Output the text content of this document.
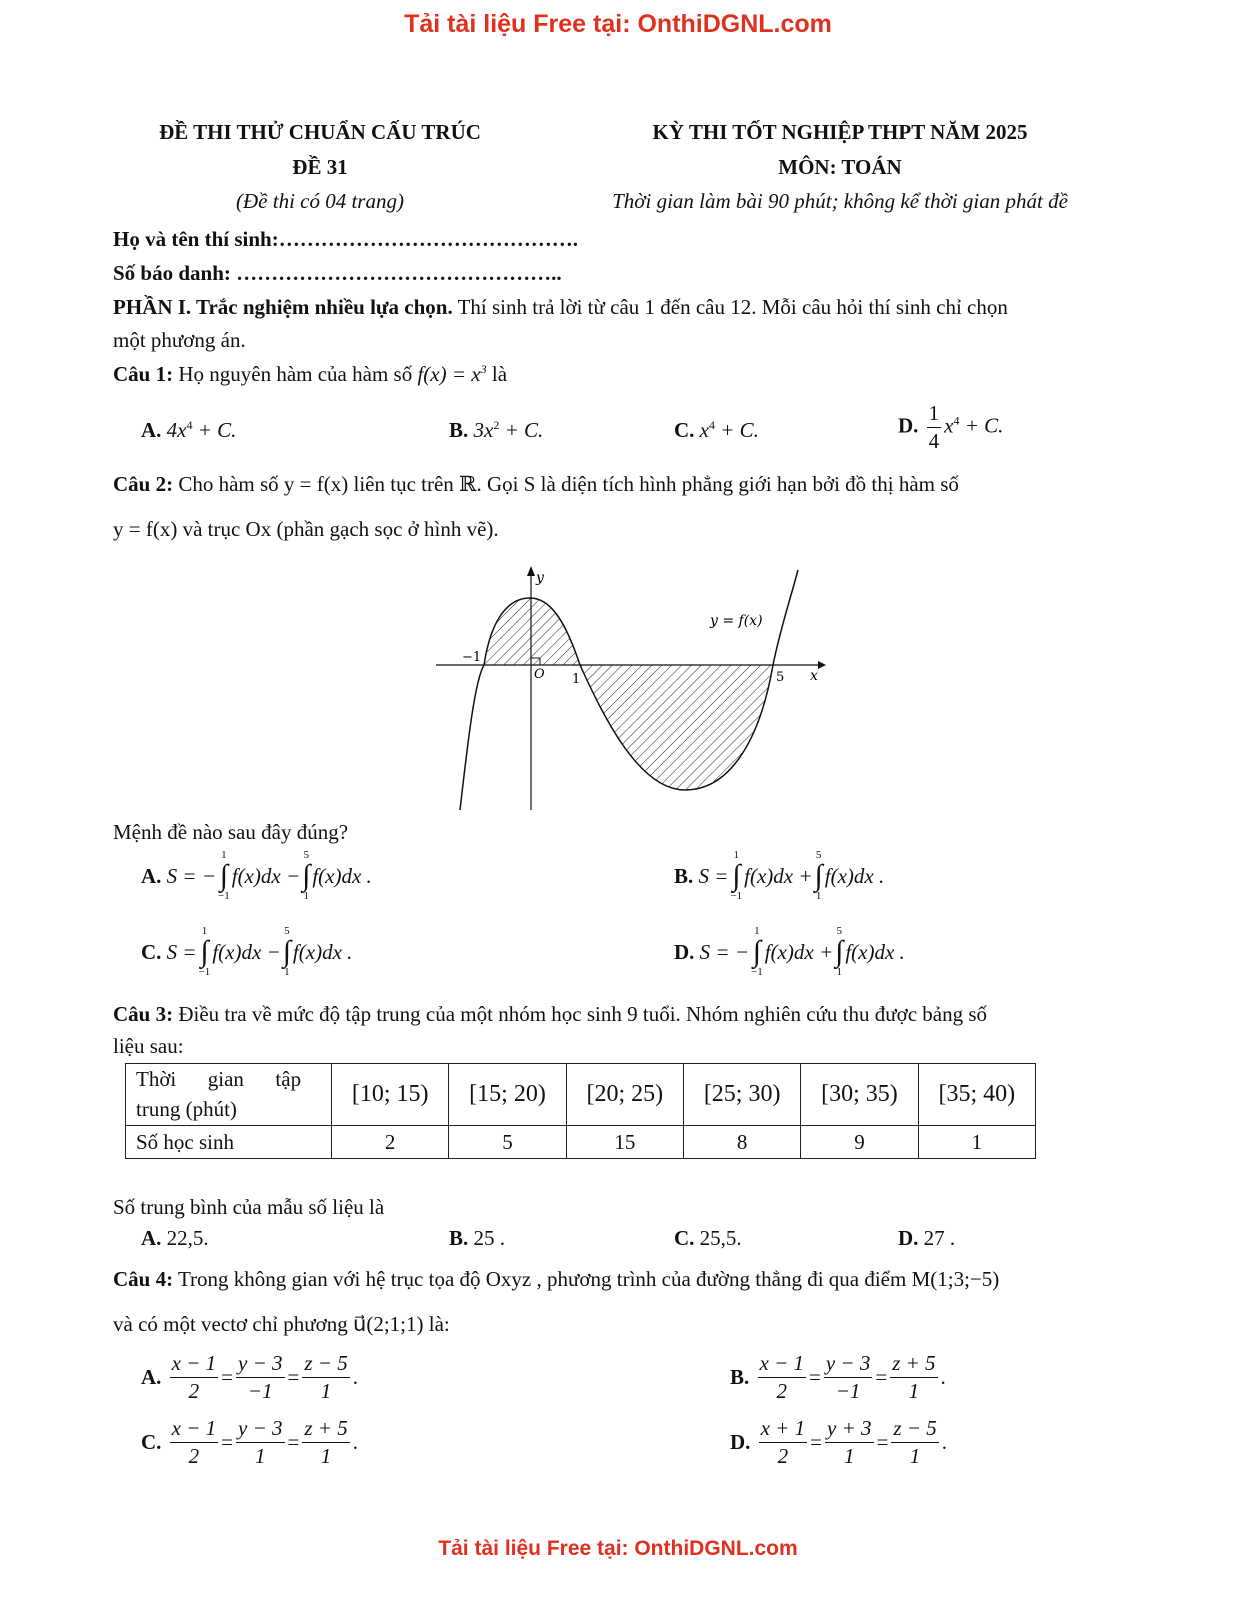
Tải tài liệu Free tại: OnthiDGNL.com
ĐỀ THI THỬ CHUẨN CẤU TRÚC
ĐỀ 31
(Đề thi có 04 trang)
KỲ THI TỐT NGHIỆP THPT NĂM 2025
MÔN: TOÁN
Thời gian làm bài 90 phút; không kể thời gian phát đề
Họ và tên thí sinh:…………………………………….
Số báo danh: ………………………………………..
PHẦN I. Trắc nghiệm nhiều lựa chọn. Thí sinh trả lời từ câu 1 đến câu 12. Mỗi câu hỏi thí sinh chỉ chọn
một phương án.
Câu 1: Họ nguyên hàm của hàm số $f(x) = x^3$ là
A. $4x^4 + C$.	B. $3x^2 + C$.	C. $x^4 + C$.	D. $\frac{1}{4} x^4 + C$.
Câu 2: Cho hàm số y = f(x) liên tục trên ℝ. Gọi S là diện tích hình phẳng giới hạn bởi đồ thị hàm số
y = f(x) và trục Ox (phần gạch sọc ở hình vẽ).
y
x
y = f(x)
O
−1
1	5
Mệnh đề nào sau đây đúng?
A.
S = −
1
∫
−1
f(x)dx −
5
∫
1
f(x)dx .	B.
S =
1
∫
−1
f(x)dx +
5
∫
1
f(x)dx .
C.
S =
1
∫
−1
f(x)dx −
5
∫
1
f(x)dx .	D.
S = −
1
∫
−1
f(x)dx +
5
∫
1
f(x)dx .
Câu 3: Điều tra về mức độ tập trung của một nhóm học sinh 9 tuổi. Nhóm nghiên cứu thu được bảng số
liệu sau:
Thời      gian      tập
trung (phút)	[10; 15)	[15; 20)	[20; 25)	[25; 30)	[30; 35)	[35; 40)
Số học sinh	2	5	15	8	9	1
Số trung bình của mẫu số liệu là
A. 22,5.	B. 25 .	C. 25,5.	D. 27 .
Câu 4: Trong không gian với hệ trục tọa độ Oxyz , phương trình của đường thẳng đi qua điểm M(1;3;−5)
và có một vectơ chỉ phương u⃗(2;1;1) là:
A.
$\frac{x - 1}{2} = \frac{y - 3}{-1} = \frac{z - 5}{1}$ .	B.
$\frac{x - 1}{2} = \frac{y - 3}{-1} = \frac{z + 5}{1}$ .
C.
$\frac{x - 1}{2} = \frac{y - 3}{1} = \frac{z + 5}{1}$ .	D.
$\frac{x + 1}{2} = \frac{y + 3}{1} = \frac{z - 5}{1}$ .
Tải tài liệu Free tại: OnthiDGNL.com
